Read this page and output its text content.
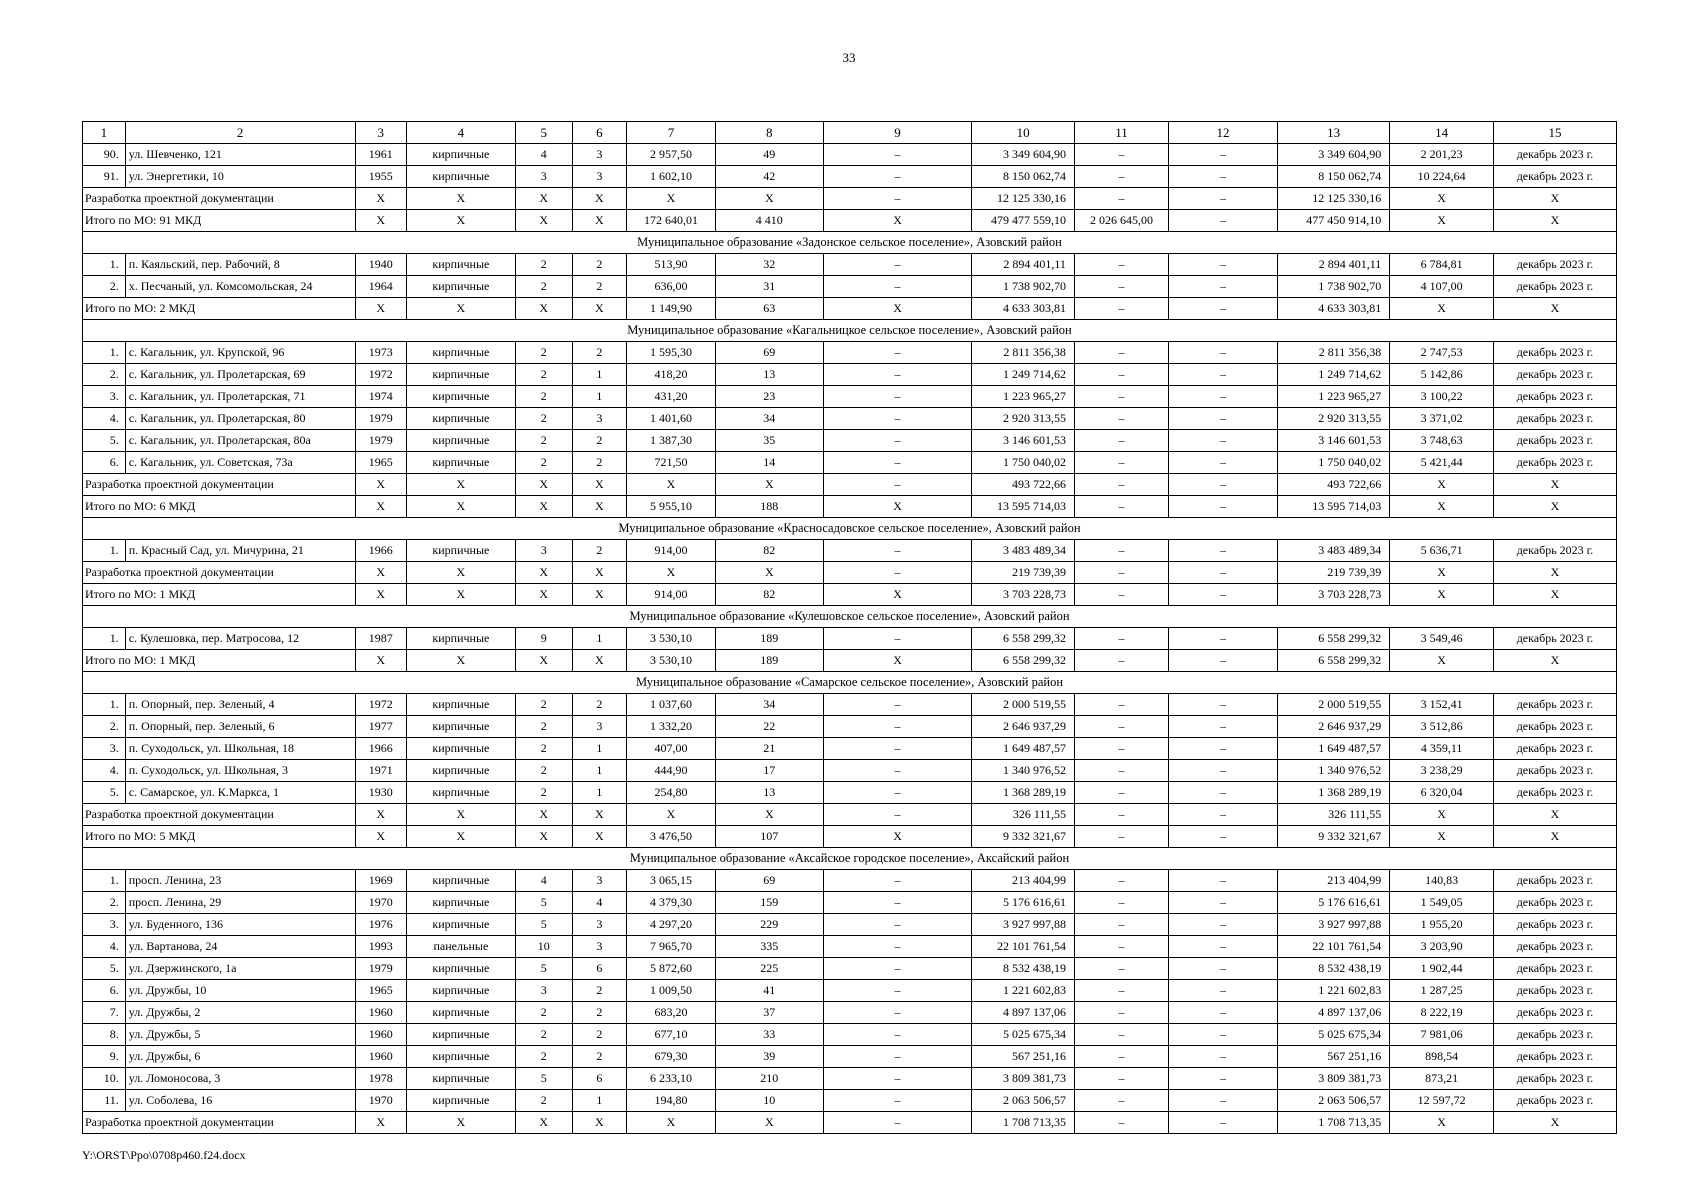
33
1	2	3	4	5	6	7	8	9	10	11	12	13	14	15
90.	ул. Шевченко, 121	1961	кирпичные	4	3	2 957,50	49	–	3 349 604,90	–	–	3 349 604,90	2 201,23	декабрь 2023 г.
91.	ул. Энергетики, 10	1955	кирпичные	3	3	1 602,10	42	–	8 150 062,74	–	–	8 150 062,74	10 224,64	декабрь 2023 г.
Разработка проектной документации		X	X	X	X	X	X	–	12 125 330,16	–	–	12 125 330,16	X	X
Итого по МО: 91 МКД		X	X	X	X	172 640,01	4 410	X	479 477 559,10	2 026 645,00	–	477 450 914,10	X	X
Муниципальное образование «Задонское сельское поселение», Азовский район														
1.	п. Каяльский, пер. Рабочий, 8	1940	кирпичные	2	2	513,90	32	–	2 894 401,11	–	–	2 894 401,11	6 784,81	декабрь 2023 г.
2.	х. Песчаный, ул. Комсомольская, 24	1964	кирпичные	2	2	636,00	31	–	1 738 902,70	–	–	1 738 902,70	4 107,00	декабрь 2023 г.
Итого по МО: 2 МКД		X	X	X	X	1 149,90	63	X	4 633 303,81	–	–	4 633 303,81	X	X
Муниципальное образование «Кагальницкое сельское поселение», Азовский район														
1.	с. Кагальник, ул. Крупской, 96	1973	кирпичные	2	2	1 595,30	69	–	2 811 356,38	–	–	2 811 356,38	2 747,53	декабрь 2023 г.
2.	с. Кагальник, ул. Пролетарская, 69	1972	кирпичные	2	1	418,20	13	–	1 249 714,62	–	–	1 249 714,62	5 142,86	декабрь 2023 г.
3.	с. Кагальник, ул. Пролетарская, 71	1974	кирпичные	2	1	431,20	23	–	1 223 965,27	–	–	1 223 965,27	3 100,22	декабрь 2023 г.
4.	с. Кагальник, ул. Пролетарская, 80	1979	кирпичные	2	3	1 401,60	34	–	2 920 313,55	–	–	2 920 313,55	3 371,02	декабрь 2023 г.
5.	с. Кагальник, ул. Пролетарская, 80а	1979	кирпичные	2	2	1 387,30	35	–	3 146 601,53	–	–	3 146 601,53	3 748,63	декабрь 2023 г.
6.	с. Кагальник, ул. Советская, 73а	1965	кирпичные	2	2	721,50	14	–	1 750 040,02	–	–	1 750 040,02	5 421,44	декабрь 2023 г.
Разработка проектной документации		X	X	X	X	X	X	–	493 722,66	–	–	493 722,66	X	X
Итого по МО: 6 МКД		X	X	X	X	5 955,10	188	X	13 595 714,03	–	–	13 595 714,03	X	X
Муниципальное образование «Красносадовское сельское поселение», Азовский район														
1.	п. Красный Сад, ул. Мичурина, 21	1966	кирпичные	3	2	914,00	82	–	3 483 489,34	–	–	3 483 489,34	5 636,71	декабрь 2023 г.
Разработка проектной документации		X	X	X	X	X	X	–	219 739,39	–	–	219 739,39	X	X
Итого по МО: 1 МКД		X	X	X	X	914,00	82	X	3 703 228,73	–	–	3 703 228,73	X	X
Муниципальное образование «Кулешовское сельское поселение», Азовский район														
1.	с. Кулешовка, пер. Матросова, 12	1987	кирпичные	9	1	3 530,10	189	–	6 558 299,32	–	–	6 558 299,32	3 549,46	декабрь 2023 г.
Итого по МО: 1 МКД		X	X	X	X	3 530,10	189	X	6 558 299,32	–	–	6 558 299,32	X	X
Муниципальное образование «Самарское сельское поселение», Азовский район														
1.	п. Опорный, пер. Зеленый, 4	1972	кирпичные	2	2	1 037,60	34	–	2 000 519,55	–	–	2 000 519,55	3 152,41	декабрь 2023 г.
2.	п. Опорный, пер. Зеленый, 6	1977	кирпичные	2	3	1 332,20	22	–	2 646 937,29	–	–	2 646 937,29	3 512,86	декабрь 2023 г.
3.	п. Суходольск, ул. Школьная, 18	1966	кирпичные	2	1	407,00	21	–	1 649 487,57	–	–	1 649 487,57	4 359,11	декабрь 2023 г.
4.	п. Суходольск, ул. Школьная, 3	1971	кирпичные	2	1	444,90	17	–	1 340 976,52	–	–	1 340 976,52	3 238,29	декабрь 2023 г.
5.	с. Самарское, ул. К.Маркса, 1	1930	кирпичные	2	1	254,80	13	–	1 368 289,19	–	–	1 368 289,19	6 320,04	декабрь 2023 г.
Разработка проектной документации		X	X	X	X	X	X	–	326 111,55	–	–	326 111,55	X	X
Итого по МО: 5 МКД		X	X	X	X	3 476,50	107	X	9 332 321,67	–	–	9 332 321,67	X	X
Муниципальное образование «Аксайское городское поселение», Аксайский район														
1.	просп. Ленина, 23	1969	кирпичные	4	3	3 065,15	69	–	213 404,99	–	–	213 404,99	140,83	декабрь 2023 г.
2.	просп. Ленина, 29	1970	кирпичные	5	4	4 379,30	159	–	5 176 616,61	–	–	5 176 616,61	1 549,05	декабрь 2023 г.
3.	ул. Буденного, 136	1976	кирпичные	5	3	4 297,20	229	–	3 927 997,88	–	–	3 927 997,88	1 955,20	декабрь 2023 г.
4.	ул. Вартанова, 24	1993	панельные	10	3	7 965,70	335	–	22 101 761,54	–	–	22 101 761,54	3 203,90	декабрь 2023 г.
5.	ул. Дзержинского, 1а	1979	кирпичные	5	6	5 872,60	225	–	8 532 438,19	–	–	8 532 438,19	1 902,44	декабрь 2023 г.
6.	ул. Дружбы, 10	1965	кирпичные	3	2	1 009,50	41	–	1 221 602,83	–	–	1 221 602,83	1 287,25	декабрь 2023 г.
7.	ул. Дружбы, 2	1960	кирпичные	2	2	683,20	37	–	4 897 137,06	–	–	4 897 137,06	8 222,19	декабрь 2023 г.
8.	ул. Дружбы, 5	1960	кирпичные	2	2	677,10	33	–	5 025 675,34	–	–	5 025 675,34	7 981,06	декабрь 2023 г.
9.	ул. Дружбы, 6	1960	кирпичные	2	2	679,30	39	–	567 251,16	–	–	567 251,16	898,54	декабрь 2023 г.
10.	ул. Ломоносова, 3	1978	кирпичные	5	6	6 233,10	210	–	3 809 381,73	–	–	3 809 381,73	873,21	декабрь 2023 г.
11.	ул. Соболева, 16	1970	кирпичные	2	1	194,80	10	–	2 063 506,57	–	–	2 063 506,57	12 597,72	декабрь 2023 г.
Разработка проектной документации		X	X	X	X	X	X	–	1 708 713,35	–	–	1 708 713,35	X	X
Y:\ORST\Ppo\0708p460.f24.docx
